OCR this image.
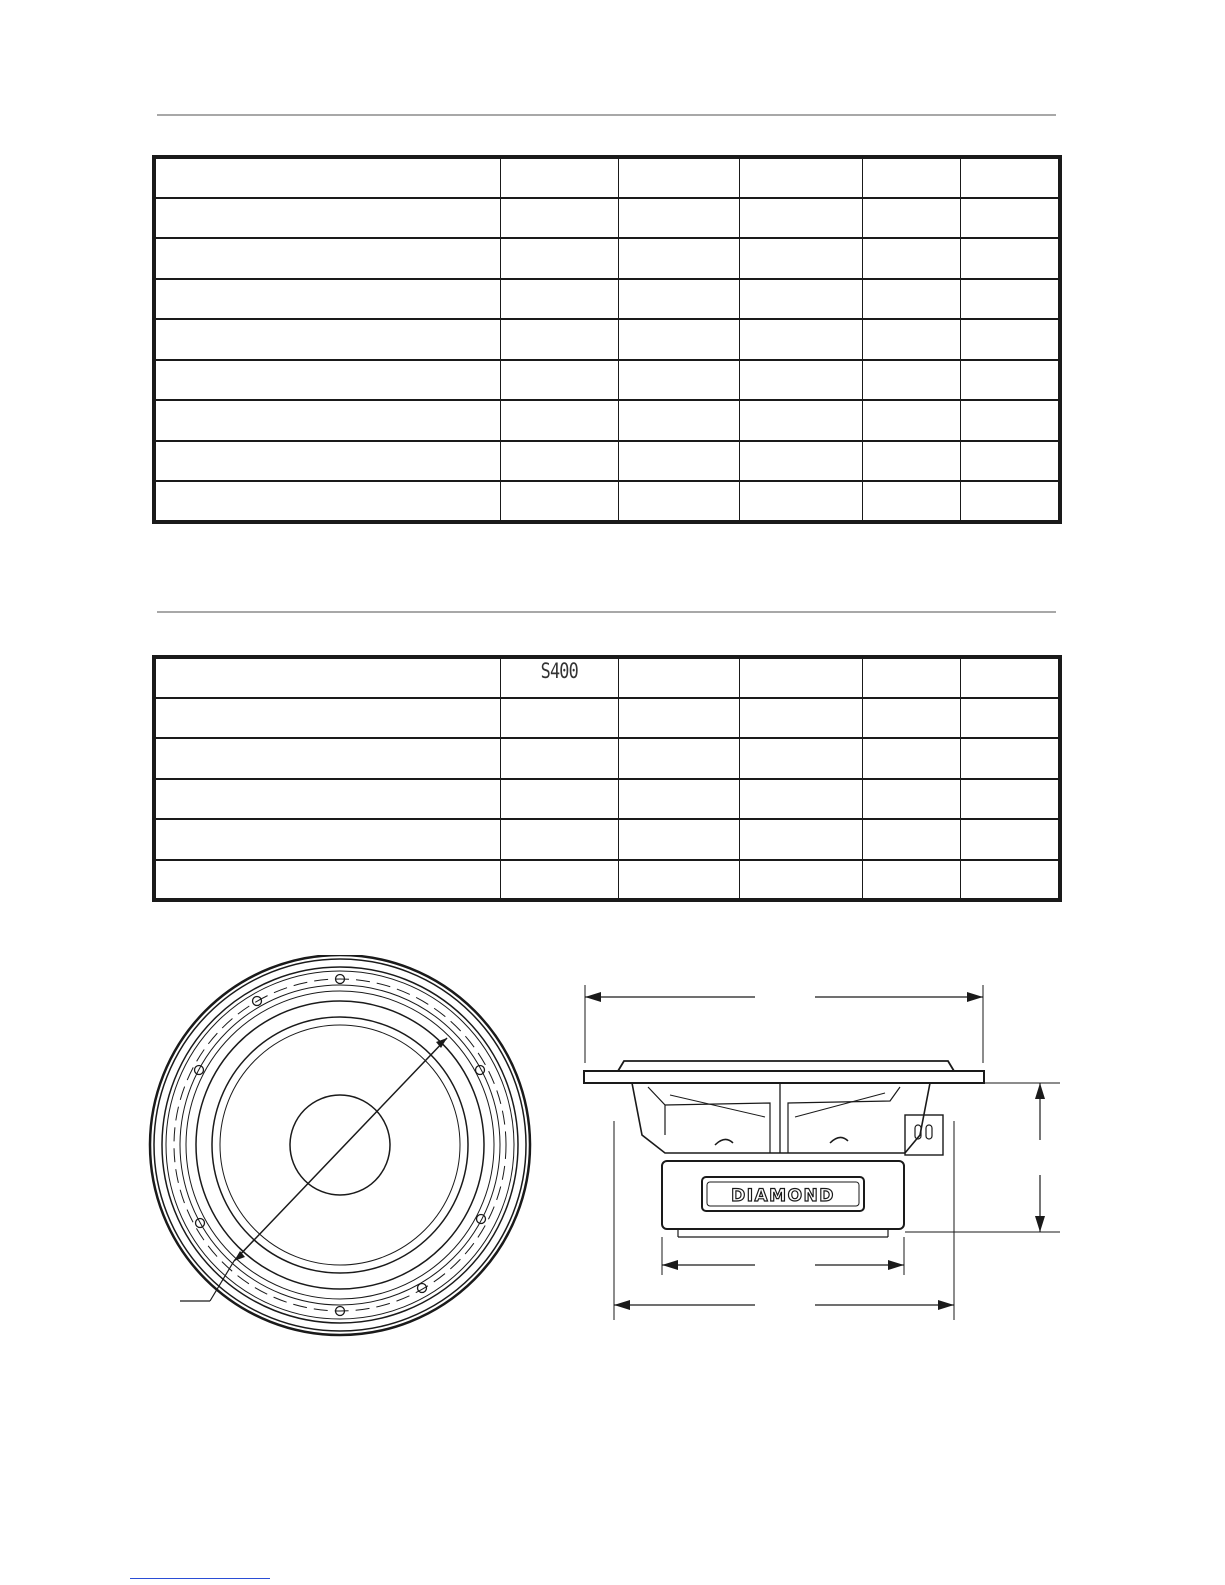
	S400				

DIAMOND
